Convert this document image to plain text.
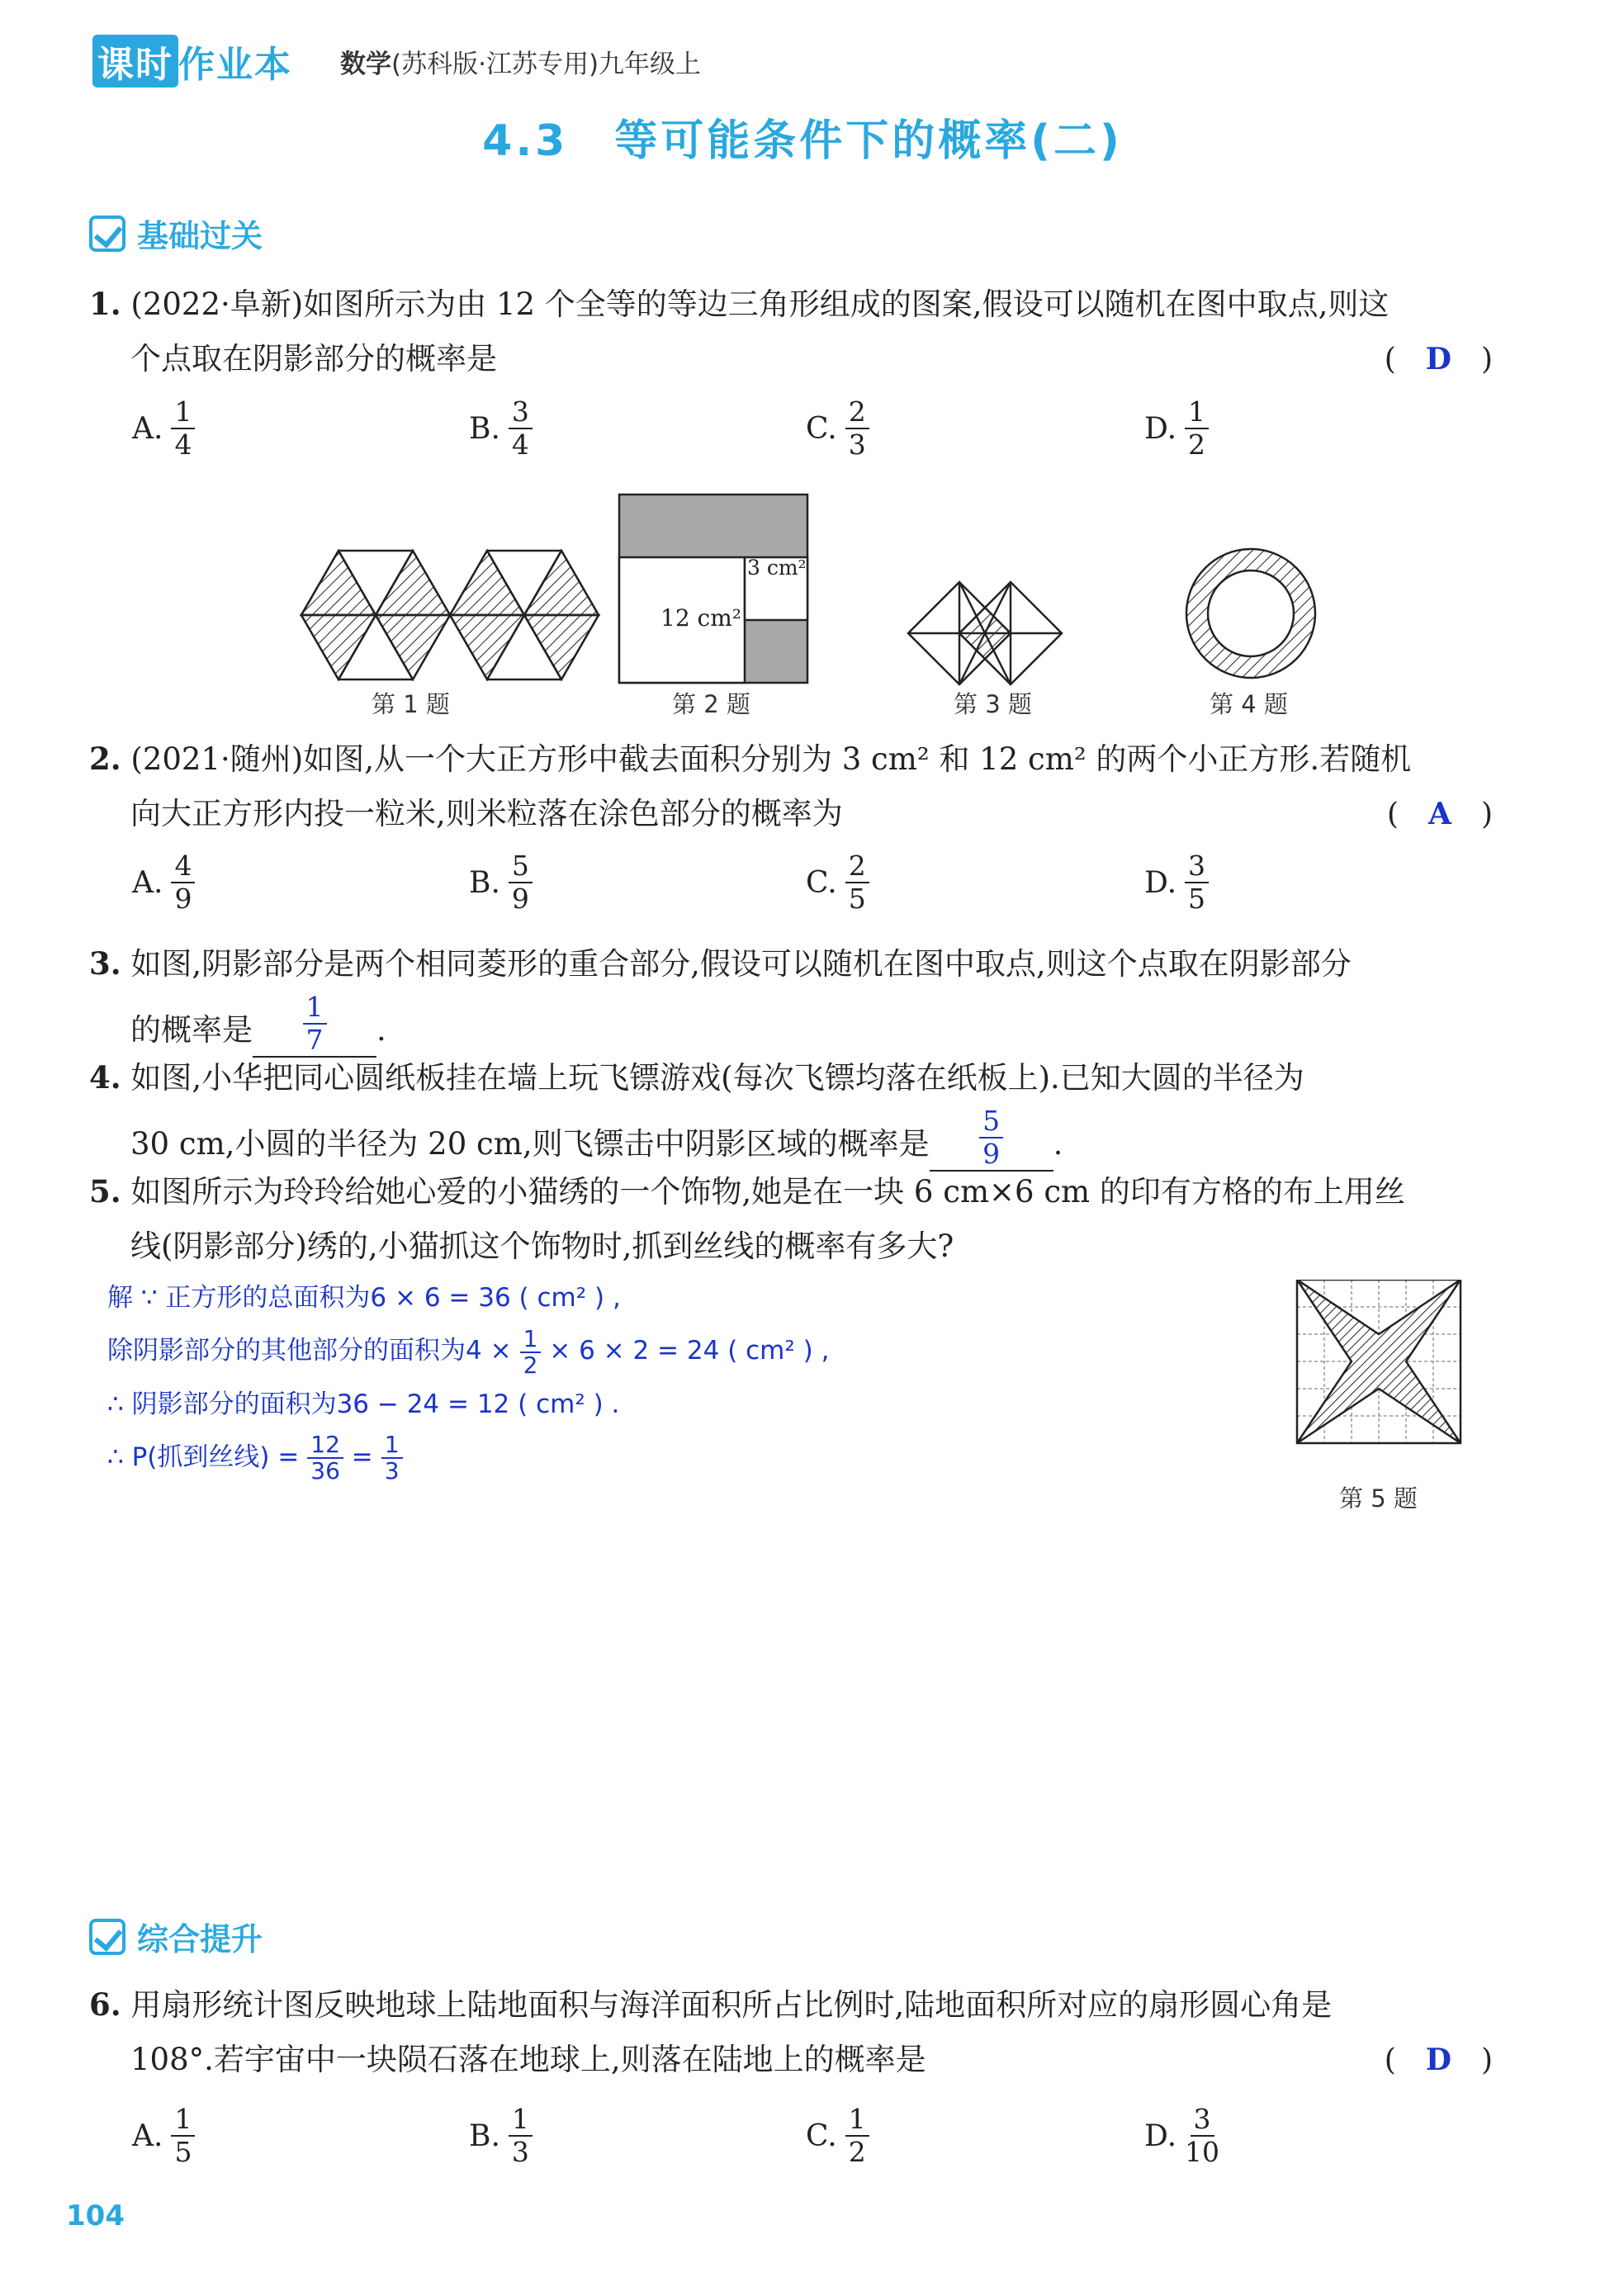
课时 作业本 数学(苏科版·江苏专用)九年级上
4.3　等可能条件下的概率(二)
基础过关
1. (2022·阜新)如图所示为由 12 个全等的等边三角形组成的图案,假设可以随机在图中取点,则这
个点取在阴影部分的概率是	(　D　)
A. $\frac{1}{4}$	B. $\frac{3}{4}$	C. $\frac{2}{3}$	D. $\frac{1}{2}$
12 cm²
3 cm²
第 1 题	第 2 题	第 3 题	第 4 题
2. (2021·随州)如图,从一个大正方形中截去面积分别为 3 cm² 和 12 cm² 的两个小正方形.若随机
向大正方形内投一粒米,则米粒落在涂色部分的概率为	(　A　)
A. $\frac{4}{9}$	B. $\frac{5}{9}$	C. $\frac{2}{5}$	D. $\frac{3}{5}$
3. 如图,阴影部分是两个相同菱形的重合部分,假设可以随机在图中取点,则这个点取在阴影部分
的概率是 $\frac{1}{7}$ .
4. 如图,小华把同心圆纸板挂在墙上玩飞镖游戏(每次飞镖均落在纸板上).已知大圆的半径为
30 cm,小圆的半径为 20 cm,则飞镖击中阴影区域的概率是 $\frac{5}{9}$ .
5. 如图所示为玲玲给她心爱的小猫绣的一个饰物,她是在一块 6 cm×6 cm 的印有方格的布上用丝
线(阴影部分)绣的,小猫抓这个饰物时,抓到丝线的概率有多大?
解 ∵ 正方形的总面积为6 × 6 = 36 ( cm² ) ,
除阴影部分的其他部分的面积为$4 \times \frac{1}{2} \times 6 \times 2 = 24$ ( cm² ) ,
∴ 阴影部分的面积为36 − 24 = 12 ( cm² ) .
∴ P(抓到丝线) = $\frac{12}{36} = \frac{1}{3}$
第 5 题
综合提升
6. 用扇形统计图反映地球上陆地面积与海洋面积所占比例时,陆地面积所对应的扇形圆心角是
108°.若宇宙中一块陨石落在地球上,则落在陆地上的概率是	(　D　)
A. $\frac{1}{5}$	B. $\frac{1}{3}$	C. $\frac{1}{2}$	D. $\frac{3}{10}$
104
